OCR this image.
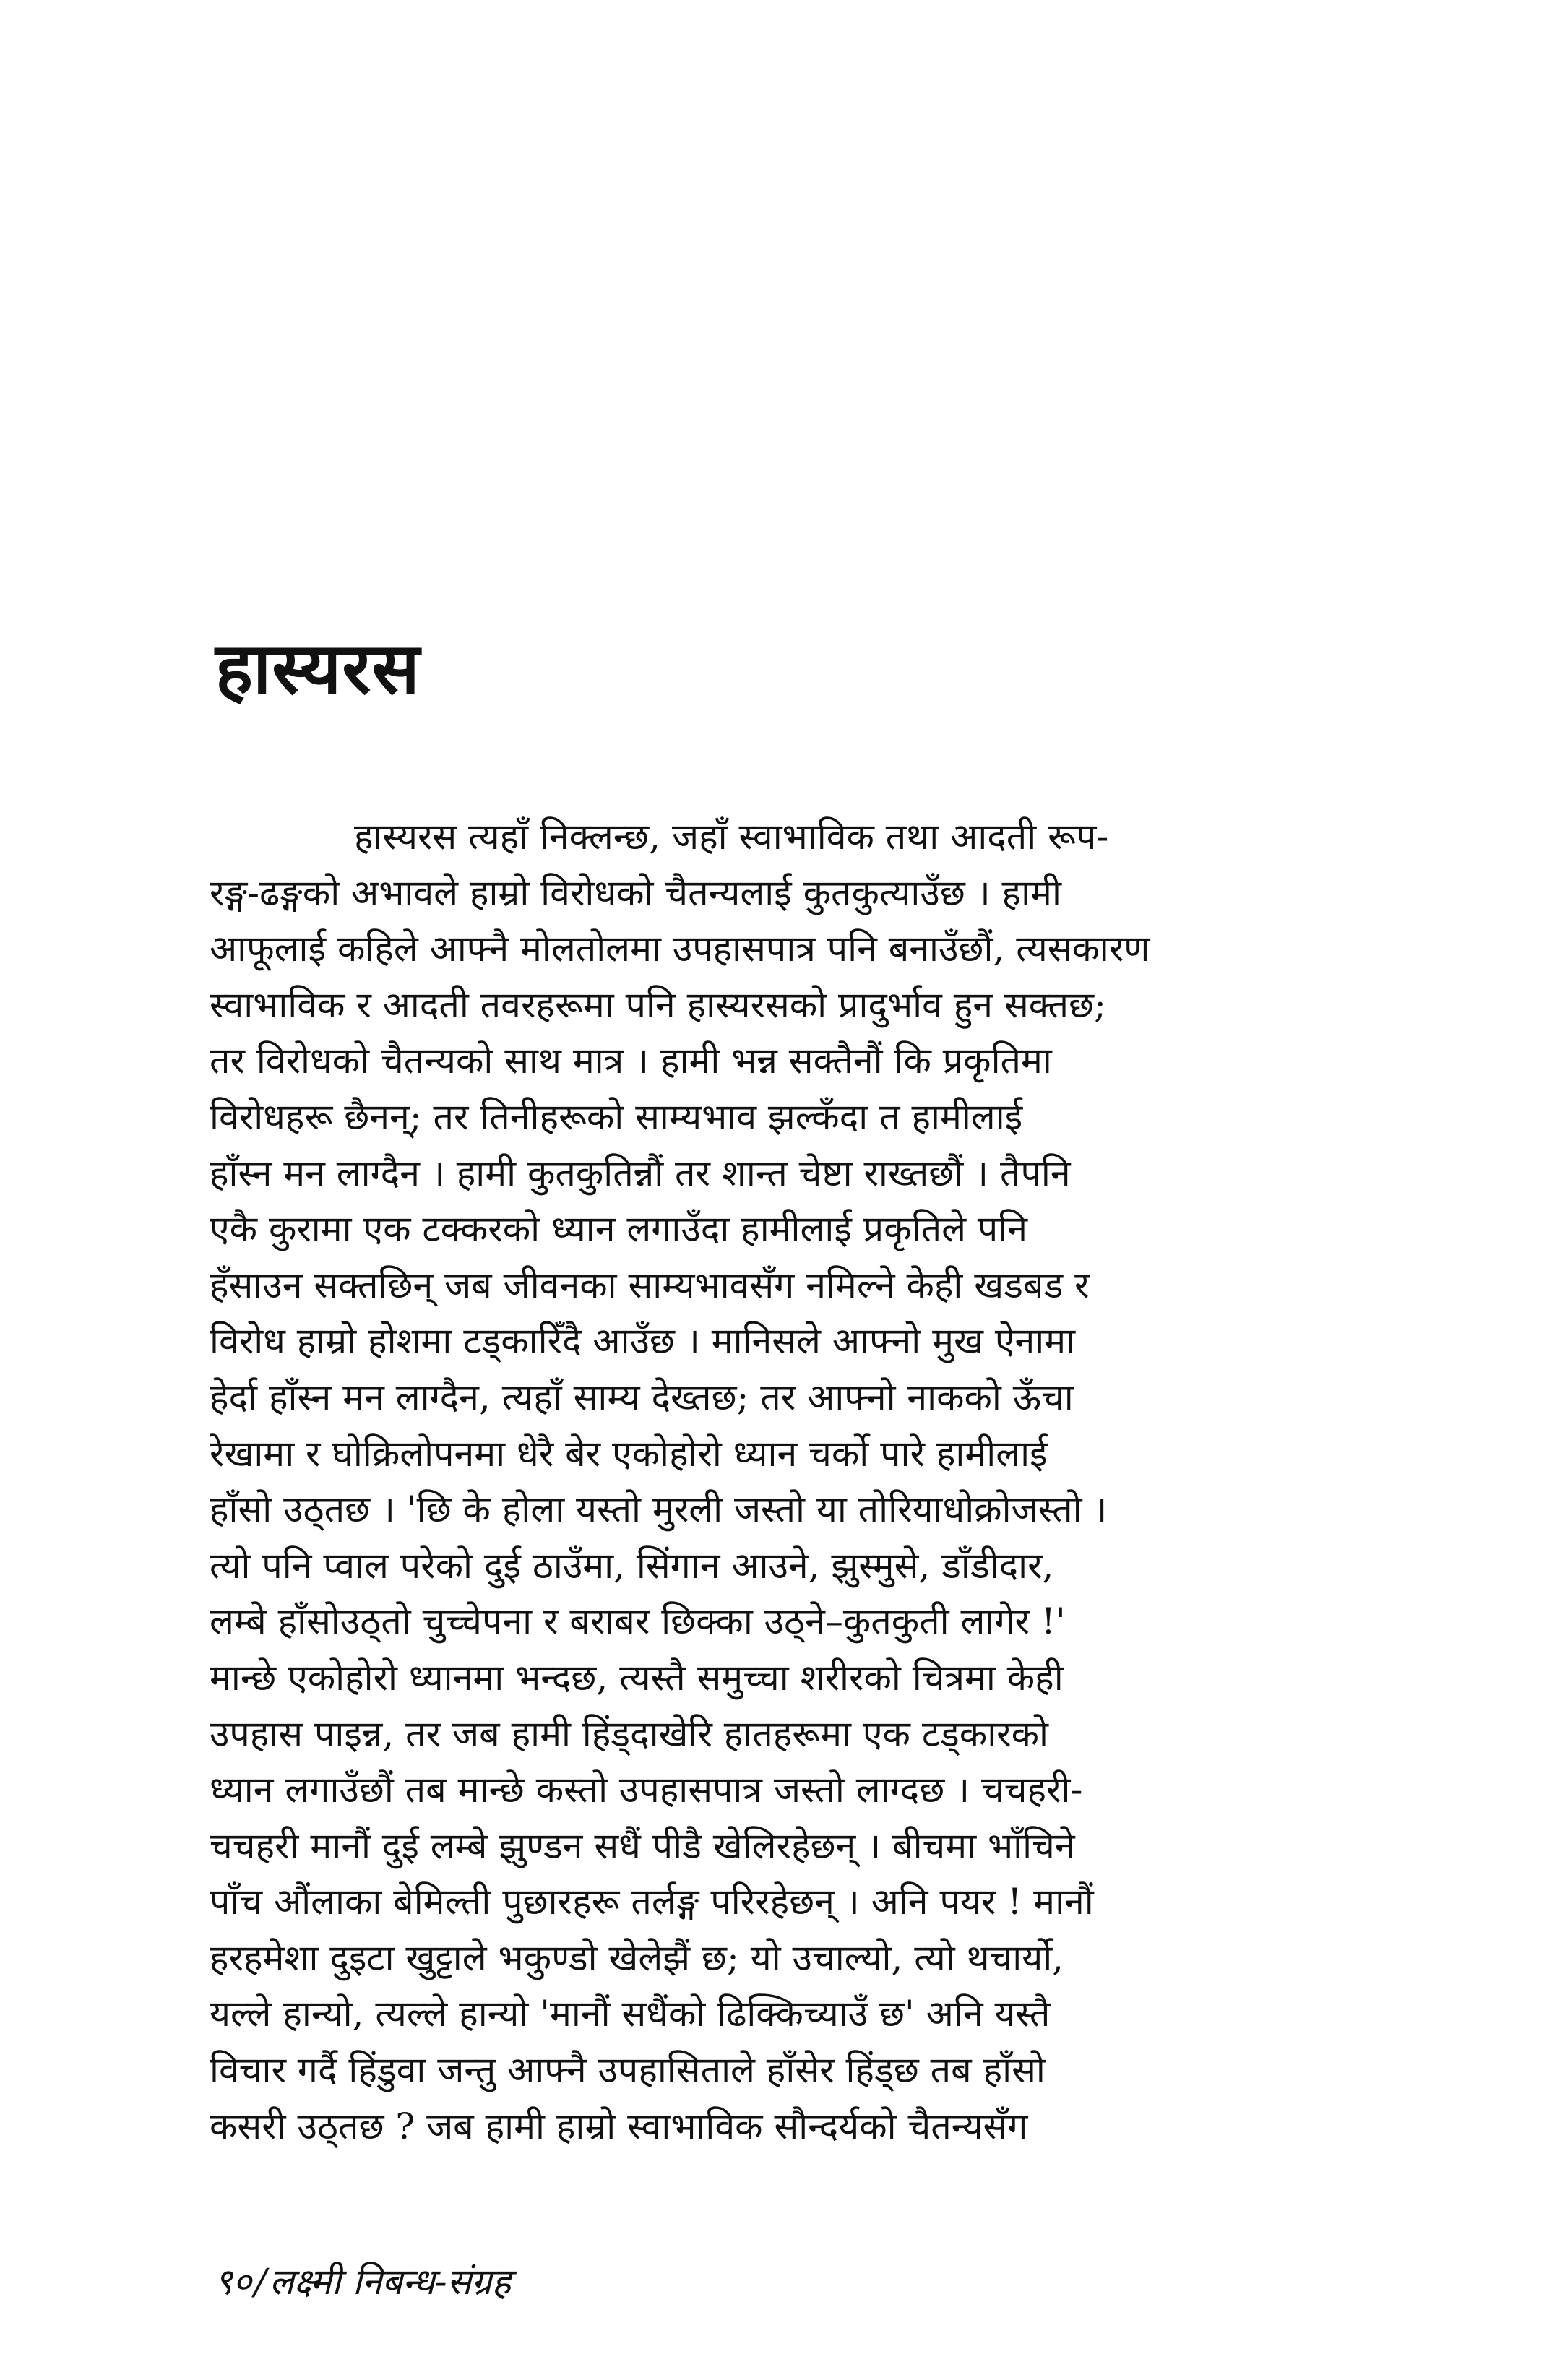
हास्यरस
हास्यरस त्यहाँ निक्लन्छ, जहाँ स्वाभाविक तथा आदती रूप-
रङ्ग-ढङ्गको अभावले हाम्रो विरोधको चैतन्यलाई कुतकुत्याउँछ । हामी
आफूलाई कहिले आफ्नै मोलतोलमा उपहासपात्र पनि बनाउँछौं, त्यसकारण
स्वाभाविक र आदती तवरहरूमा पनि हास्यरसको प्रादुर्भाव हुन सक्तछ;
तर विरोधको चैतन्यको साथ मात्र । हामी भन्न सक्तैनौं कि प्रकृतिमा
विरोधहरू छैनन्; तर तिनीहरूको साम्यभाव झल्कँदा त हामीलाई
हाँस्न मन लाग्दैन । हामी कुतकुतिन्नौं तर शान्त चेष्टा राख्तछौं । तैपनि
एकै कुरामा एक टक्करको ध्यान लगाउँदा हामीलाई प्रकृतिले पनि
हँसाउन सक्तछिन् जब जीवनका साम्यभावसँग नमिल्ने केही खडबड र
विरोध हाम्रो होशमा टड्कारिँदै आउँछ । मानिसले आफ्नो मुख ऐनामा
हेर्दा हाँस्न मन लाग्दैन, त्यहाँ साम्य देख्तछ; तर आफ्नो नाकको ऊँचा
रेखामा र घोक्रिलोपनमा धेरै बेर एकोहोरो ध्यान चर्को पारे हामीलाई
हाँसो उठ्तछ । 'छि के होला यस्तो मुरली जस्तो या तोरियाधोक्रोजस्तो ।
त्यो पनि प्वाल परेको दुई ठाउँमा, सिंगान आउने, झुस्मुसे, डाँडीदार,
लम्बे हाँसोउठ्तो चुच्चेपना र बराबर छिक्का उठ्ने–कुतकुती लागेर !'
मान्छे एकोहोरो ध्यानमा भन्दछ, त्यस्तै समुच्चा शरीरको चित्रमा केही
उपहास पाइन्न, तर जब हामी हिंड्दाखेरि हातहरूमा एक टड्कारको
ध्यान लगाउँछौं तब मान्छे कस्तो उपहासपात्र जस्तो लाग्दछ । चचहरी-
चचहरी मानौं दुई लम्बे झुण्डन सधैं पीडै खेलिरहेछन् । बीचमा भाँचिने
पाँच औंलाका बेमिल्ती पुछारहरू तर्लङ्ग परिरहेछन् । अनि पयर ! मानौं
हरहमेशा दुइटा खुट्टाले भकुण्डो खेलेझैं छ; यो उचाल्यो, त्यो थचार्यो,
यल्ले हान्यो, त्यल्ले हान्यो 'मानौं सधैंको ढिक्किच्याउँ छ' अनि यस्तै
विचार गर्दै हिंडुवा जन्तु आफ्नै उपहासिताले हाँसेर हिंड्छ तब हाँसो
कसरी उठ्तछ ? जब हामी हाम्रो स्वाभाविक सौन्दर्यको चैतन्यसँग
९०/लक्ष्मी निबन्ध-संग्रह
